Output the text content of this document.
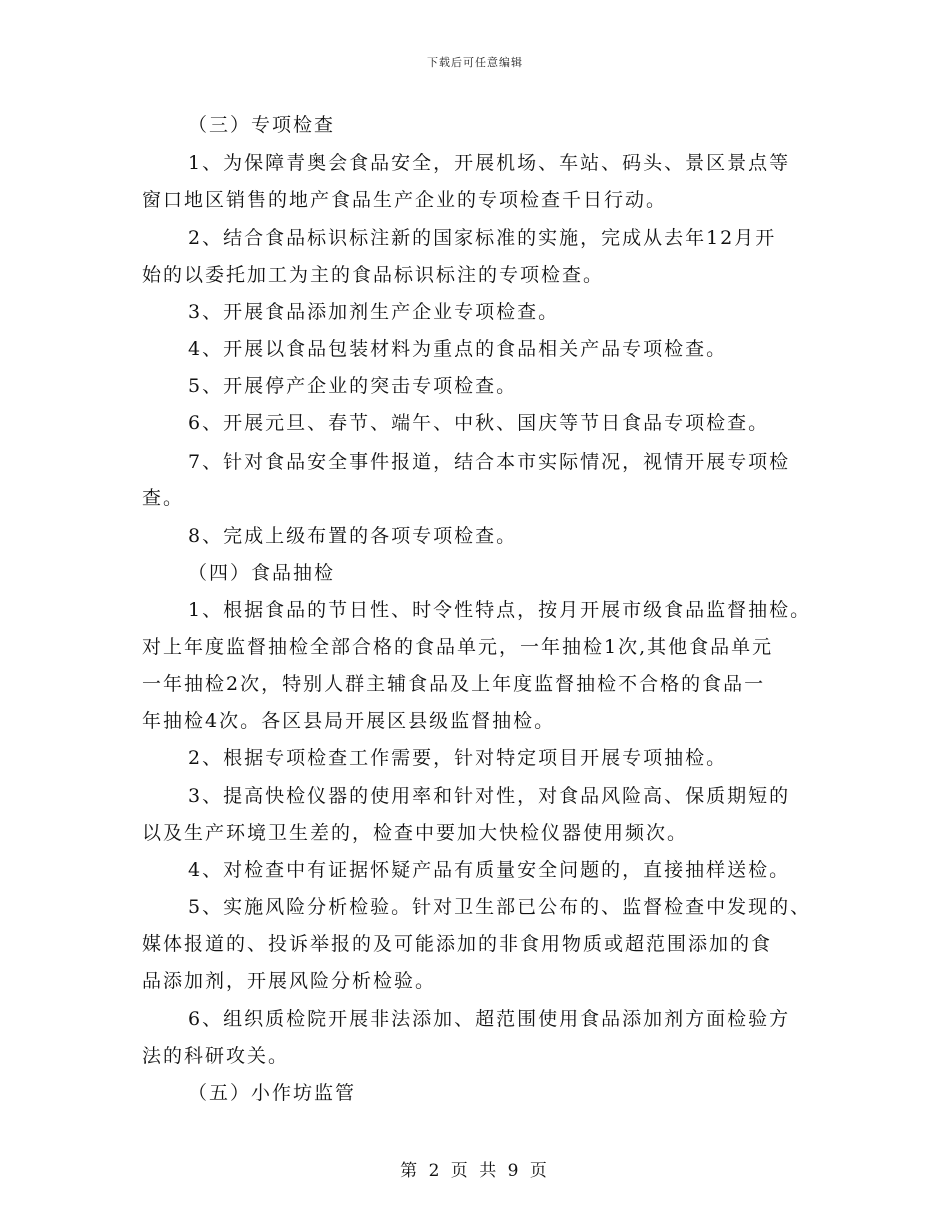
下载后可任意编辑
（三）专项检查
1、为保障青奥会食品安全，开展机场、车站、码头、景区景点等
窗口地区销售的地产食品生产企业的专项检查千日行动。
2、结合食品标识标注新的国家标准的实施，完成从去年12月开
始的以委托加工为主的食品标识标注的专项检查。
3、开展食品添加剂生产企业专项检查。
4、开展以食品包装材料为重点的食品相关产品专项检查。
5、开展停产企业的突击专项检查。
6、开展元旦、春节、端午、中秋、国庆等节日食品专项检查。
7、针对食品安全事件报道，结合本市实际情况，视情开展专项检
查。
8、完成上级布置的各项专项检查。
（四）食品抽检
1、根据食品的节日性、时令性特点，按月开展市级食品监督抽检。
对上年度监督抽检全部合格的食品单元，一年抽检1次,其他食品单元
一年抽检2次，特别人群主辅食品及上年度监督抽检不合格的食品一
年抽检4次。各区县局开展区县级监督抽检。
2、根据专项检查工作需要，针对特定项目开展专项抽检。
3、提高快检仪器的使用率和针对性，对食品风险高、保质期短的
以及生产环境卫生差的，检查中要加大快检仪器使用频次。
4、对检查中有证据怀疑产品有质量安全问题的，直接抽样送检。
5、实施风险分析检验。针对卫生部已公布的、监督检查中发现的、
媒体报道的、投诉举报的及可能添加的非食用物质或超范围添加的食
品添加剂，开展风险分析检验。
6、组织质检院开展非法添加、超范围使用食品添加剂方面检验方
法的科研攻关。
（五）小作坊监管
第 2 页 共 9 页
